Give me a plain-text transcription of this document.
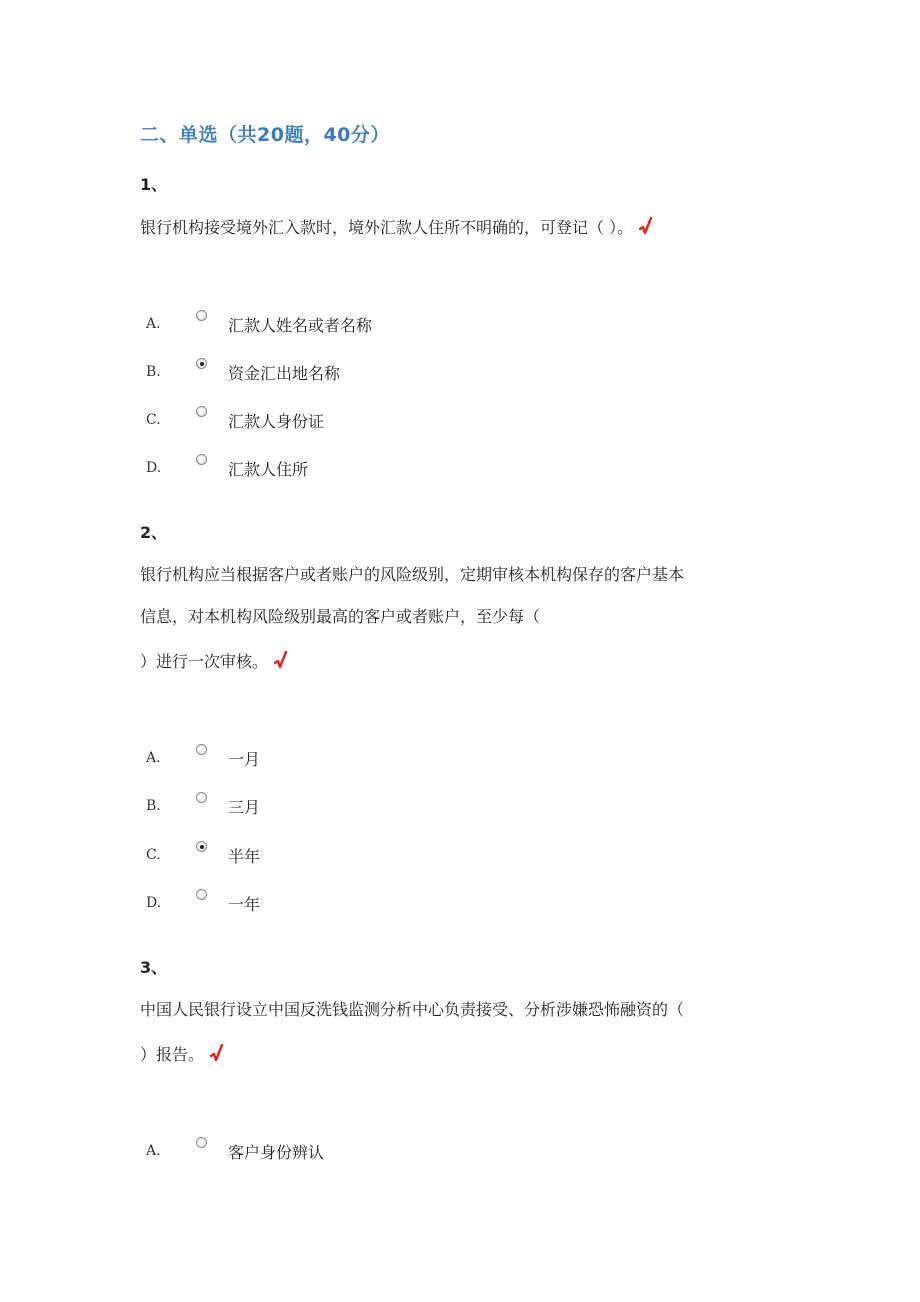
二、单选（共20题，40分）
1、
银行机构接受境外汇入款时，境外汇款人住所不明确的，可登记（ ）。
A.	汇款人姓名或者名称
B.	资金汇出地名称
C.	汇款人身份证
D.	汇款人住所
2、
银行机构应当根据客户或者账户的风险级别，定期审核本机构保存的客户基本
信息，对本机构风险级别最高的客户或者账户，至少每（
）进行一次审核。
A.	一月
B.	三月
C.	半年
D.	一年
3、
中国人民银行设立中国反洗钱监测分析中心负责接受、分析涉嫌恐怖融资的（
）报告。
A.	客户身份辨认
